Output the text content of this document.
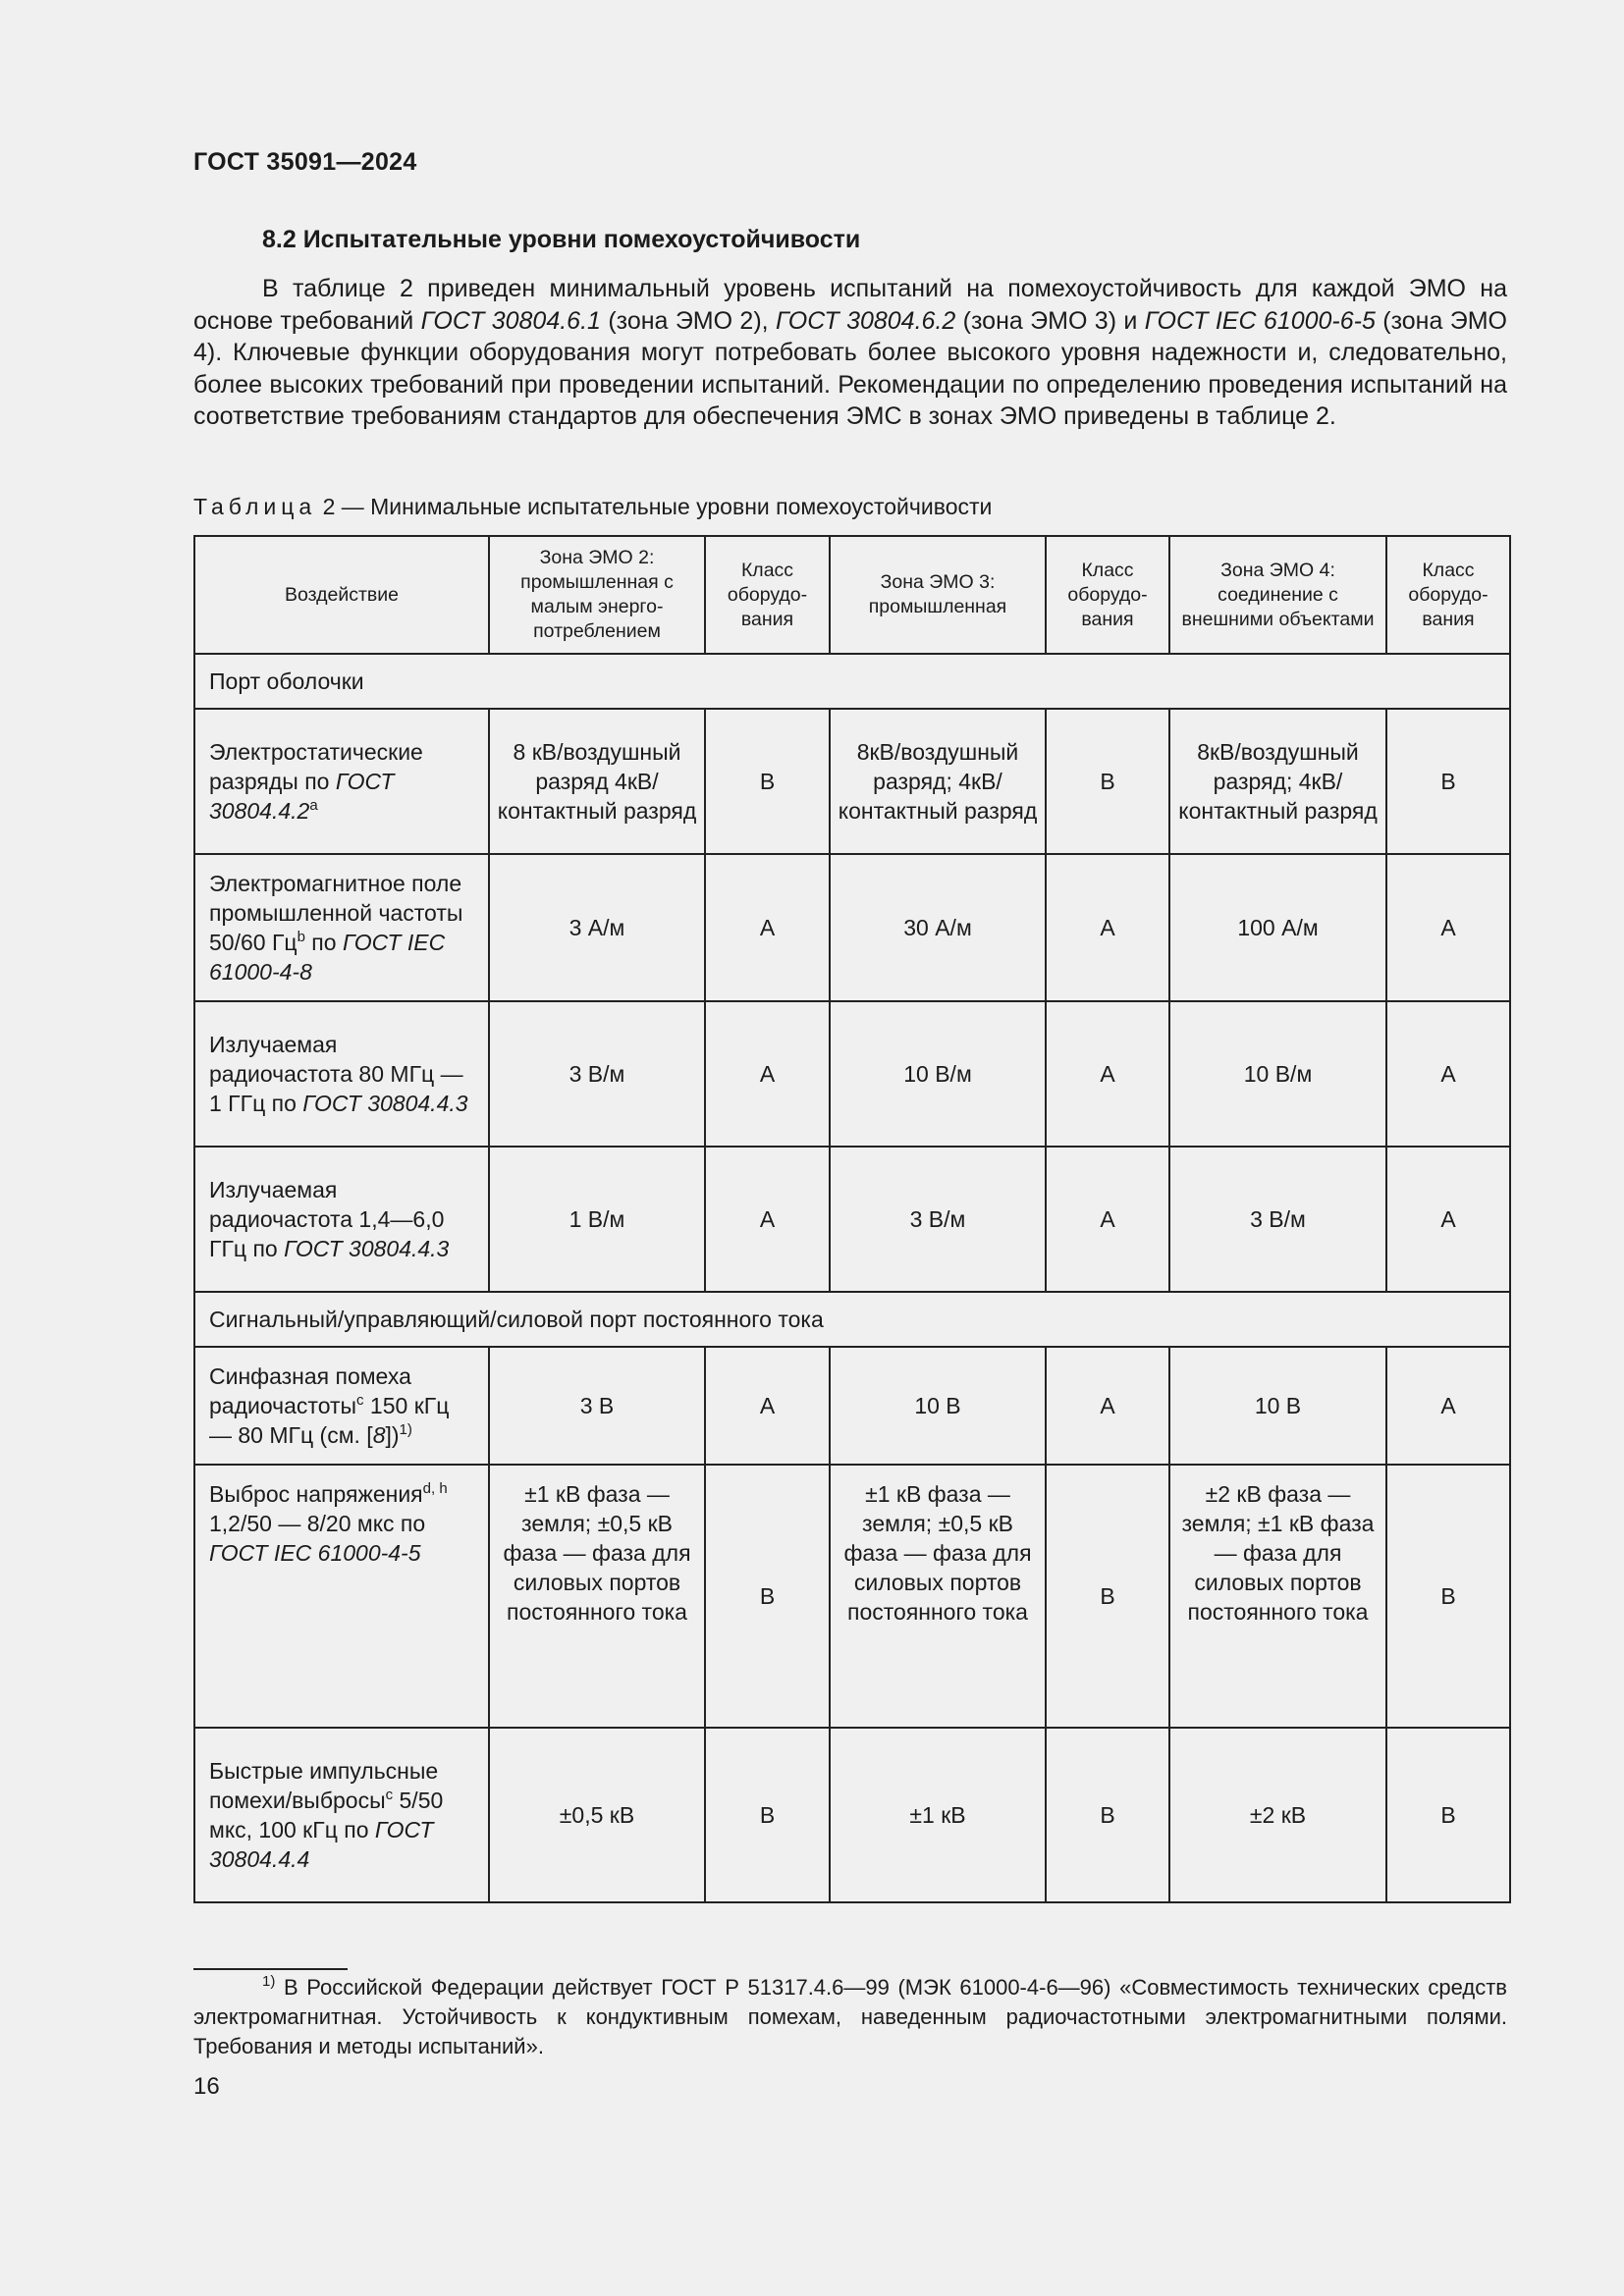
ГОСТ 35091—2024
8.2 Испытательные уровни помехоустойчивости

В таблице 2 приведен минимальный уровень испытаний на помехоустойчивость для каждой ЭМО на основе требований ГОСТ 30804.6.1 (зона ЭМО 2), ГОСТ 30804.6.2 (зона ЭМО 3) и ГОСТ IEC 61000-6-5 (зона ЭМО 4). Ключевые функции оборудования могут потребовать более высокого уровня надежности и, следовательно, более высоких требований при проведении испытаний. Рекомендации по определению проведения испытаний на соответствие требованиям стандартов для обеспечения ЭМС в зонах ЭМО приведены в таблице 2.

Таблица 2 — Минимальные испытательные уровни помехоустойчивости
Воздействие	Зона ЭМО 2: промышленная с малым энерго-потреблением	Класс оборудо-вания	Зона ЭМО 3: промышленная	Класс оборудо-вания	Зона ЭМО 4: соединение с внешними объектами	Класс оборудо-вания
Порт оболочки						
Электростатические разряды по ГОСТ 30804.4.2$^a$	8 кВ/воздушный разряд 4кВ/контактный разряд	B	8кВ/воздушный разряд; 4кВ/контактный разряд	B	8кВ/воздушный разряд; 4кВ/контактный разряд	B
Электромагнитное поле промышленной частоты 50/60 $Гц^b$ по ГОСТ IEC 61000-4-8	3 А/м	A	30 А/м	A	100 А/м	A
Излучаемая радиочастота 80 МГц —1 ГГц по ГОСТ 30804.4.3	3 В/м	A	10 В/м	A	10 В/м	A
Излучаемая радиочастота 1,4—6,0 ГГц по ГОСТ 30804.4.3	1 В/м	A	3 В/м	A	3 В/м	A
Сигнальный/управляющий/силовой порт постоянного тока						
Синфазная помеха радиочастоты$^c$ 150 кГц — 80 МГц (см. [8])$^{1)}$	3 В	A	10 В	A	10 В	A
Выброс напряжения$^{d, h}$ 1,2/50 — 8/20 мкс по ГОСТ IEC 61000-4-5	±1 кВ фаза — земля; ±0,5 кВ фаза — фаза для силовых портов постоянного тока	B	±1 кВ фаза — земля; ±0,5 кВ фаза — фаза для силовых портов постоянного тока	B	±2 кВ фаза — земля; ±1 кВ фаза — фаза для силовых портов постоянного тока	B
Быстрые импульсные помехи/выбросы$^c$ 5/50 мкс, 100 кГц по ГОСТ 30804.4.4	±0,5 кВ	B	±1 кВ	B	±2 кВ	B

$^{1)}$ В Российской Федерации действует ГОСТ Р 51317.4.6—99 (МЭК 61000-4-6—96) «Совместимость технических средств электромагнитная. Устойчивость к кондуктивным помехам, наведенным радиочастотными электромагнитными полями. Требования и методы испытаний».

16
